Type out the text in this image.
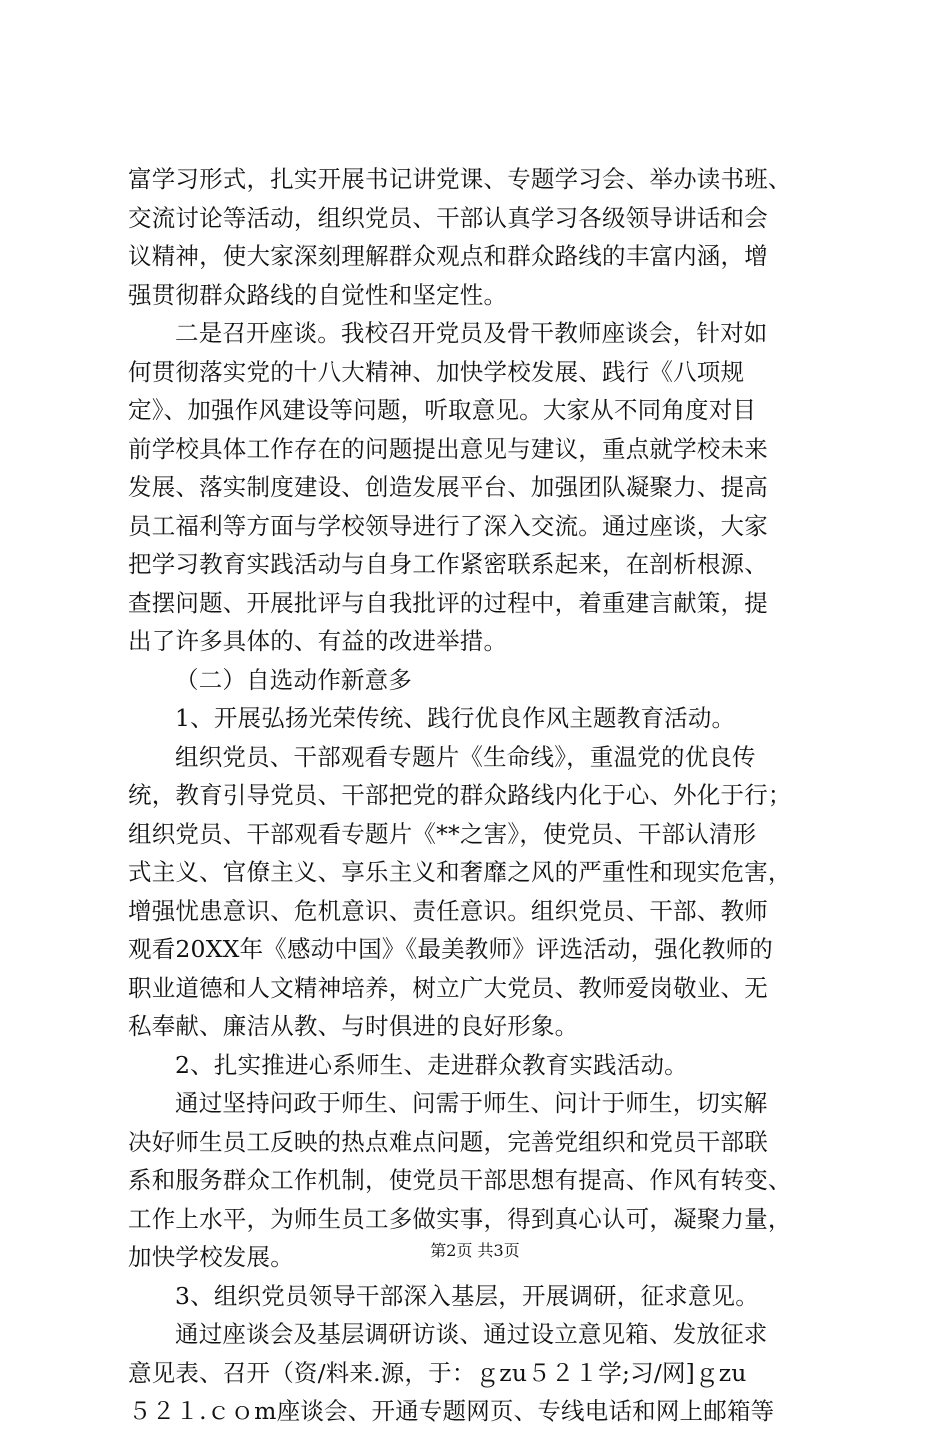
富学习形式，扎实开展书记讲党课、专题学习会、举办读书班、
交流讨论等活动，组织党员、干部认真学习各级领导讲话和会
议精神，使大家深刻理解群众观点和群众路线的丰富内涵，增
强贯彻群众路线的自觉性和坚定性。
二是召开座谈。我校召开党员及骨干教师座谈会，针对如
何贯彻落实党的十八大精神、加快学校发展、践行《八项规
定》、加强作风建设等问题，听取意见。大家从不同角度对目
前学校具体工作存在的问题提出意见与建议，重点就学校未来
发展、落实制度建设、创造发展平台、加强团队凝聚力、提高
员工福利等方面与学校领导进行了深入交流。通过座谈，大家
把学习教育实践活动与自身工作紧密联系起来，在剖析根源、
查摆问题、开展批评与自我批评的过程中，着重建言献策，提
出了许多具体的、有益的改进举措。
（二）自选动作新意多
1、开展弘扬光荣传统、践行优良作风主题教育活动。
组织党员、干部观看专题片《生命线》，重温党的优良传
统，教育引导党员、干部把党的群众路线内化于心、外化于行；
组织党员、干部观看专题片《**之害》，使党员、干部认清形
式主义、官僚主义、享乐主义和奢靡之风的严重性和现实危害，
增强忧患意识、危机意识、责任意识。组织党员、干部、教师
观看20XX年《感动中国》《最美教师》评选活动，强化教师的
职业道德和人文精神培养，树立广大党员、教师爱岗敬业、无
私奉献、廉洁从教、与时俱进的良好形象。
2、扎实推进心系师生、走进群众教育实践活动。
通过坚持问政于师生、问需于师生、问计于师生，切实解
决好师生员工反映的热点难点问题，完善党组织和党员干部联
系和服务群众工作机制，使党员干部思想有提高、作风有转变、
工作上水平，为师生员工多做实事，得到真心认可，凝聚力量，
加快学校发展。
3、组织党员领导干部深入基层，开展调研，征求意见。
通过座谈会及基层调研访谈、通过设立意见箱、发放征求
意见表、召开（资/料来.源，于：ｇzu５２１学;习/网]ｇzu
５２１.ｃｏm座谈会、开通专题网页、专线电话和网上邮箱等
第2页 共3页
